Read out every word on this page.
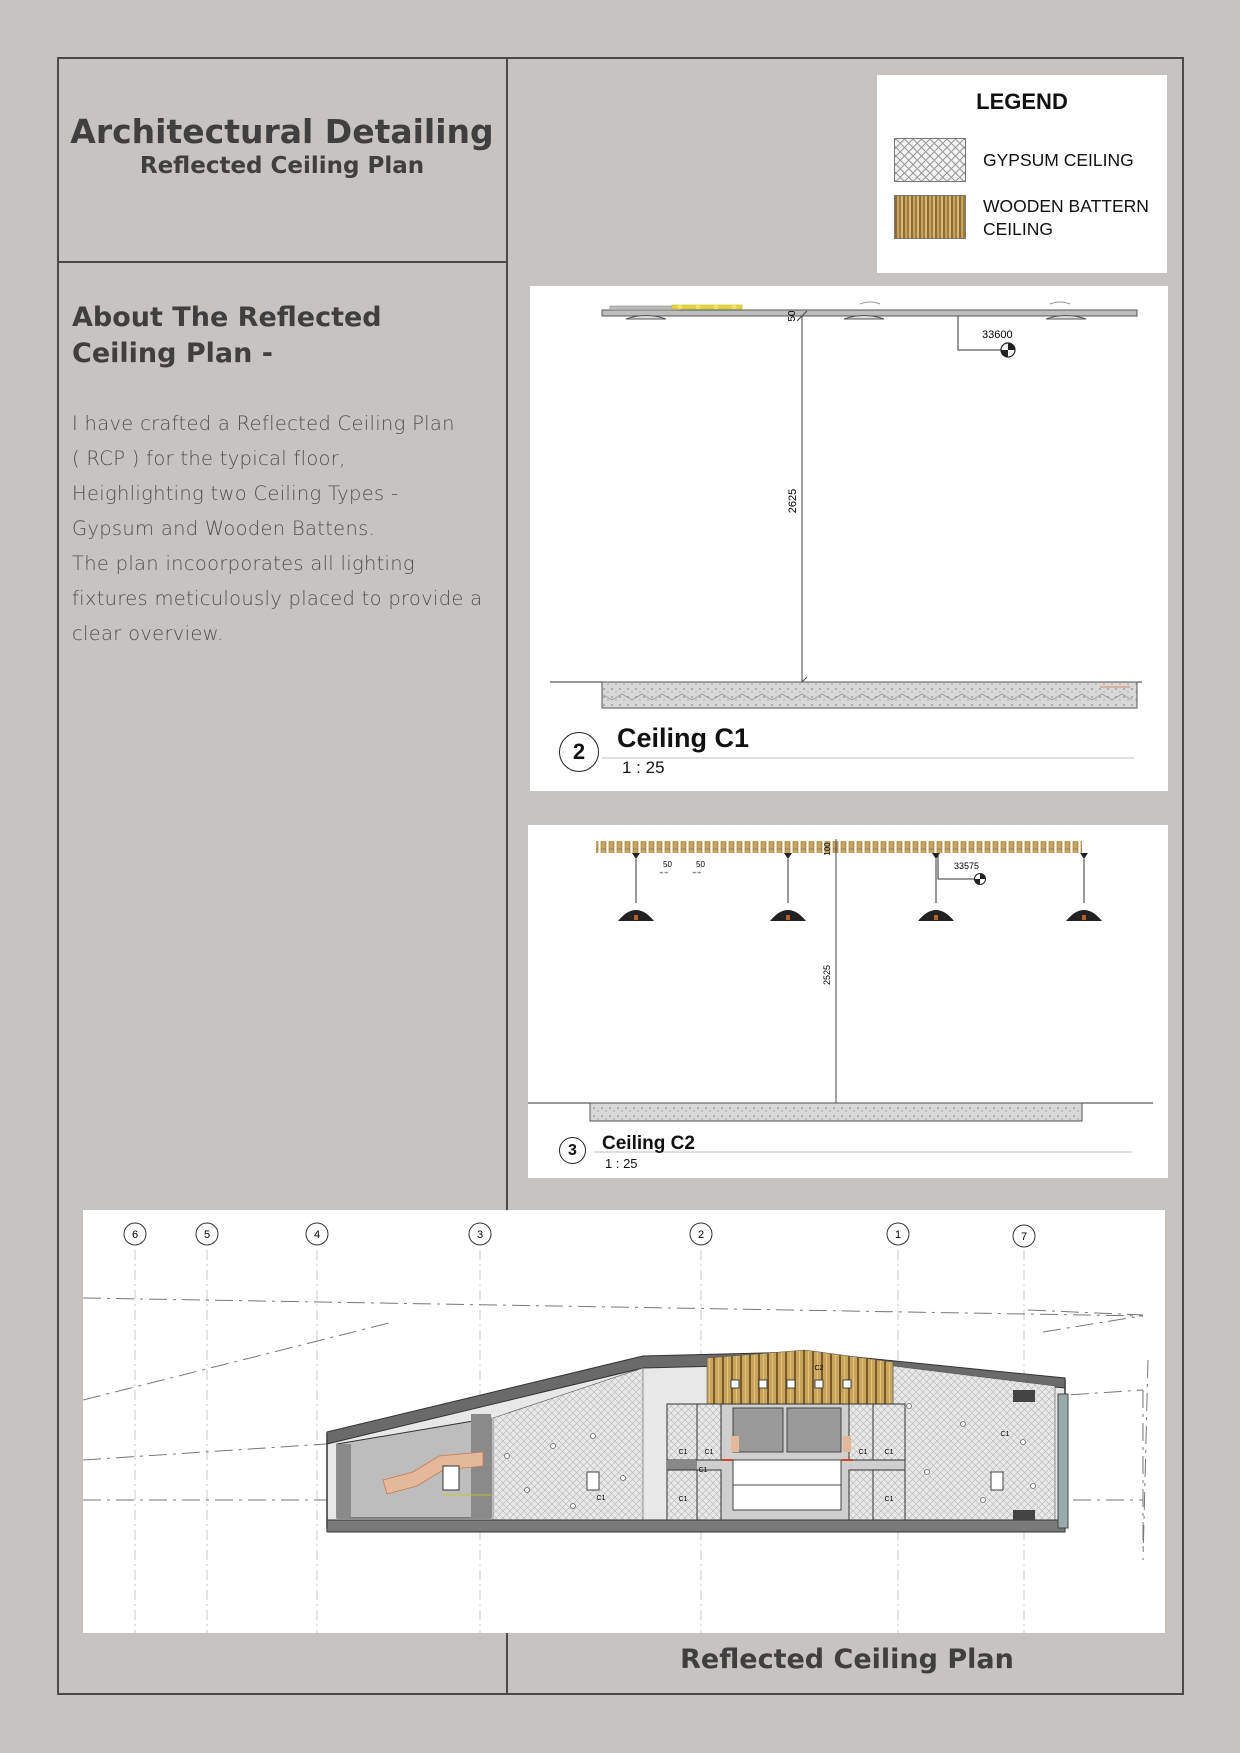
Architectural Detailing
Reflected Ceiling Plan
About The Reflected Ceiling Plan -
I have crafted a Reflected Ceiling Plan
( RCP ) for the typical floor,
Heighlighting two Ceiling Types -
Gypsum and Wooden Battens.
The plan incoorporates all lighting
fixtures meticulously placed to provide a
clear overview.
LEGEND
GYPSUM CEILING
WOODEN BATTERN CEILING
50
2625
33600
2	Ceiling C1
1 : 25
50	50
⌁⌁	⌁⌁
100
2525
33575
3	Ceiling C2
1 : 25
6	5	4	3	2	1	7
C2
C1
C1
C1
C1	C1 C1
C1
C1
C1
Reflected Ceiling Plan
